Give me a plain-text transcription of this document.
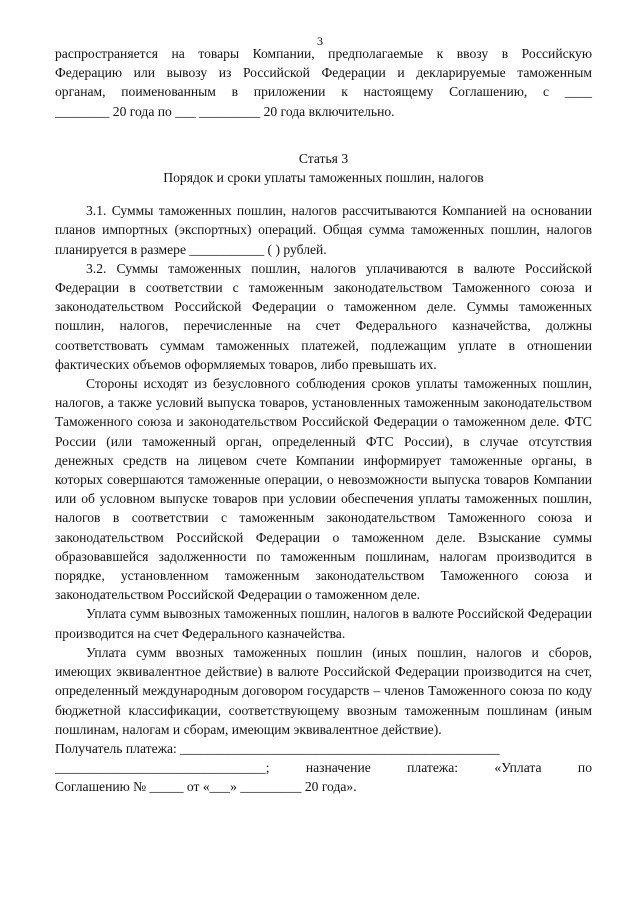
3
распространяется на товары Компании, предполагаемые к ввозу в Российскую
Федерацию или вывозу из Российской Федерации и декларируемые таможенным
органам, поименованным в приложении к настоящему Соглашению, с ____
________ 20 года по ___ _________ 20 года включительно.

Статья 3

Порядок и сроки уплаты таможенных пошлин, налогов

3.1. Суммы таможенных пошлин, налогов рассчитываются Компанией на основании планов импортных (экспортных) операций. Общая сумма таможенных пошлин, налогов планируется в размере ___________ ( ) рублей.

3.2. Суммы таможенных пошлин, налогов уплачиваются в валюте Российской Федерации в соответствии с таможенным законодательством Таможенного союза и законодательством Российской Федерации о таможенном деле. Суммы таможенных пошлин, налогов, перечисленные на счет Федерального казначейства, должны соответствовать суммам таможенных платежей, подлежащим уплате в отношении фактических объемов оформляемых товаров, либо превышать их.

Стороны исходят из безусловного соблюдения сроков уплаты таможенных пошлин, налогов, а также условий выпуска товаров, установленных таможенным законодательством Таможенного союза и законодательством Российской Федерации о таможенном деле. ФТС России (или таможенный орган, определенный ФТС России), в случае отсутствия денежных средств на лицевом счете Компании информирует таможенные органы, в которых совершаются таможенные операции, о невозможности выпуска товаров Компании или об условном выпуске товаров при условии обеспечения уплаты таможенных пошлин, налогов в соответствии с таможенным законодательством Таможенного союза и законодательством Российской Федерации о таможенном деле. Взыскание суммы образовавшейся задолженности по таможенным пошлинам, налогам производится в порядке, установленном таможенным законодательством Таможенного союза и законодательством Российской Федерации о таможенном деле.

Уплата сумм вывозных таможенных пошлин, налогов в валюте Российской Федерации производится на счет Федерального казначейства.

Уплата сумм ввозных таможенных пошлин (иных пошлин, налогов и сборов, имеющих эквивалентное действие) в валюте Российской Федерации производится на счет, определенный международным договором государств – членов Таможенного союза по коду бюджетной классификации, соответствующему ввозным таможенным пошлинам (иным пошлинам, налогам и сборам, имеющим эквивалентное действие).

Получатель платежа: _______________________________________________
_______________________________; назначение платежа: «Уплата по
Соглашению № _____ от «___» _________ 20 года».
